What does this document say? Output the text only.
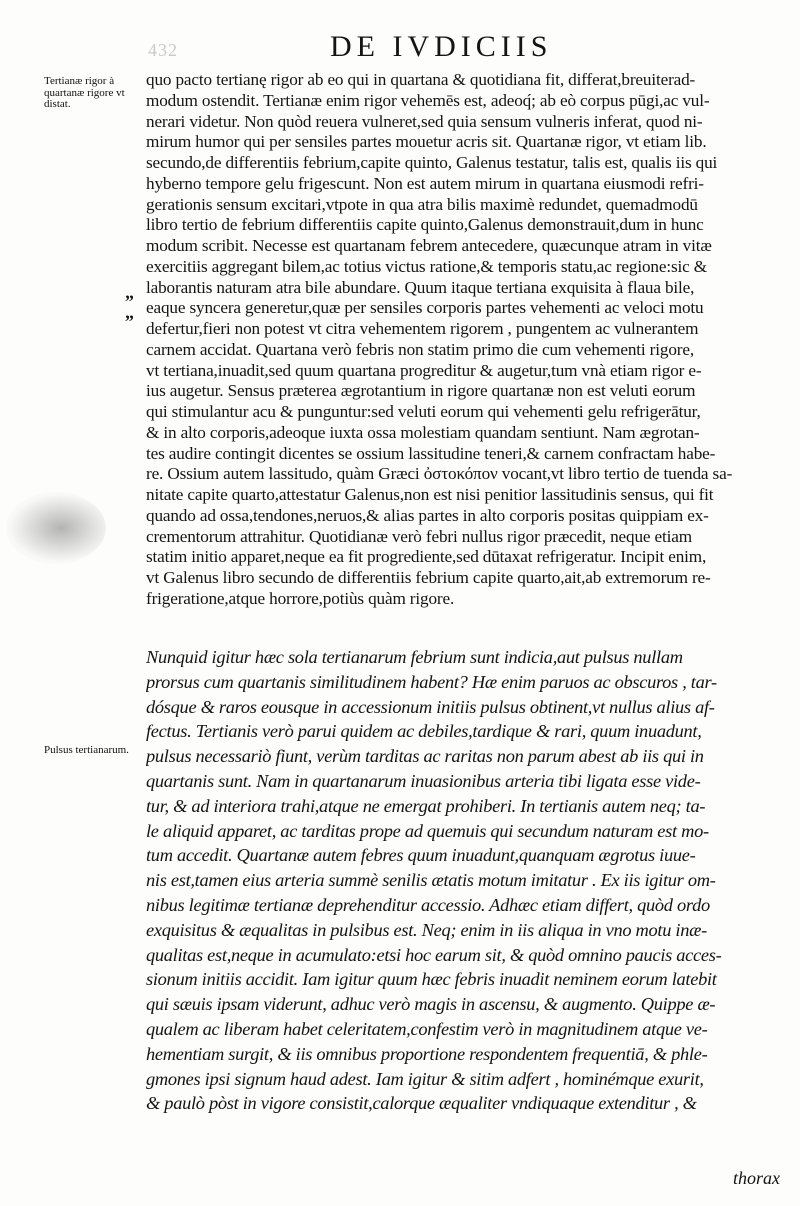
432	DE IVDICIIS
Tertianæ rigor à quartanæ rigore vt distat.
Pulsus tertianarum.
„
„
quo pacto tertianę rigor ab eo qui in quartana & quotidiana fit, differat,breuiterad-
modum ostendit. Tertianæ enim rigor vehemēs est, adeoq́; ab eò corpus pūgi,ac vul-
nerari videtur. Non quòd reuera vulneret,sed quia sensum vulneris inferat, quod ni-
mirum humor qui per sensiles partes mouetur acris sit. Quartanæ rigor, vt etiam lib.
secundo,de differentiis febrium,capite quinto, Galenus testatur, talis est, qualis iis qui
hyberno tempore gelu frigescunt. Non est autem mirum in quartana eiusmodi refri-
gerationis sensum excitari,vtpote in qua atra bilis maximè redundet, quemadmodū
libro tertio de febrium differentiis capite quinto,Galenus demonstrauit,dum in hunc
modum scribit. Necesse est quartanam febrem antecedere, quæcunque atram in vitæ
exercitiis aggregant bilem,ac totius victus ratione,& temporis statu,ac regione:sic &
laborantis naturam atra bile abundare. Quum itaque tertiana exquisita à flaua bile,
eaque syncera generetur,quæ per sensiles corporis partes vehementi ac veloci motu
defertur,fieri non potest vt citra vehementem rigorem , pungentem ac vulnerantem
carnem accidat. Quartana verò febris non statim primo die cum vehementi rigore,
vt tertiana,inuadit,sed quum quartana progreditur & augetur,tum vnà etiam rigor e-
ius augetur. Sensus præterea ægrotantium in rigore quartanæ non est veluti eorum
qui stimulantur acu & punguntur:sed veluti eorum qui vehementi gelu refrigerātur,
& in alto corporis,adeoque iuxta ossa molestiam quandam sentiunt. Nam ægrotan-
tes audire contingit dicentes se ossium lassitudine teneri,& carnem confractam habe-
re. Ossium autem lassitudo, quàm Græci ὀστοκόπον vocant,vt libro tertio de tuenda sa-
nitate capite quarto,attestatur Galenus,non est nisi penitior lassitudinis sensus, qui fit
quando ad ossa,tendones,neruos,& alias partes in alto corporis positas quippiam ex-
crementorum attrahitur. Quotidianæ verò febri nullus rigor præcedit, neque etiam
statim initio apparet,neque ea fit progrediente,sed dūtaxat refrigeratur. Incipit enim,
vt Galenus libro secundo de differentiis febrium capite quarto,ait,ab extremorum re-
frigeratione,atque horrore,potiùs quàm rigore.
Nunquid igitur hæc sola tertianarum febrium sunt indicia,aut pulsus nullam
prorsus cum quartanis similitudinem habent? Hæ enim paruos ac obscuros , tar-
dósque & raros eousque in accessionum initiis pulsus obtinent,vt nullus alius af-
fectus. Tertianis verò parui quidem ac debiles,tardique & rari, quum inuadunt,
pulsus necessariò fiunt, verùm tarditas ac raritas non parum abest ab iis qui in
quartanis sunt. Nam in quartanarum inuasionibus arteria tibi ligata esse vide-
tur, & ad interiora trahi,atque ne emergat prohiberi. In tertianis autem neq; ta-
le aliquid apparet, ac tarditas prope ad quemuis qui secundum naturam est mo-
tum accedit. Quartanæ autem febres quum inuadunt,quanquam ægrotus iuue-
nis est,tamen eius arteria summè senilis ætatis motum imitatur . Ex iis igitur om-
nibus legitimæ tertianæ deprehenditur accessio. Adhæc etiam differt, quòd ordo
exquisitus & æqualitas in pulsibus est. Neq; enim in iis aliqua in vno motu inæ-
qualitas est,neque in acumulato:etsi hoc earum sit, & quòd omnino paucis acces-
sionum initiis accidit. Iam igitur quum hæc febris inuadit neminem eorum latebit
qui sæuis ipsam viderunt, adhuc verò magis in ascensu, & augmento. Quippe æ-
qualem ac liberam habet celeritatem,confestim verò in magnitudinem atque ve-
hementiam surgit, & iis omnibus proportione respondentem frequentiā, & phle-
gmones ipsi signum haud adest. Iam igitur & sitim adfert , hominémque exurit,
& paulò pòst in vigore consistit,calorque æqualiter vndiquaque extenditur , &
thorax
